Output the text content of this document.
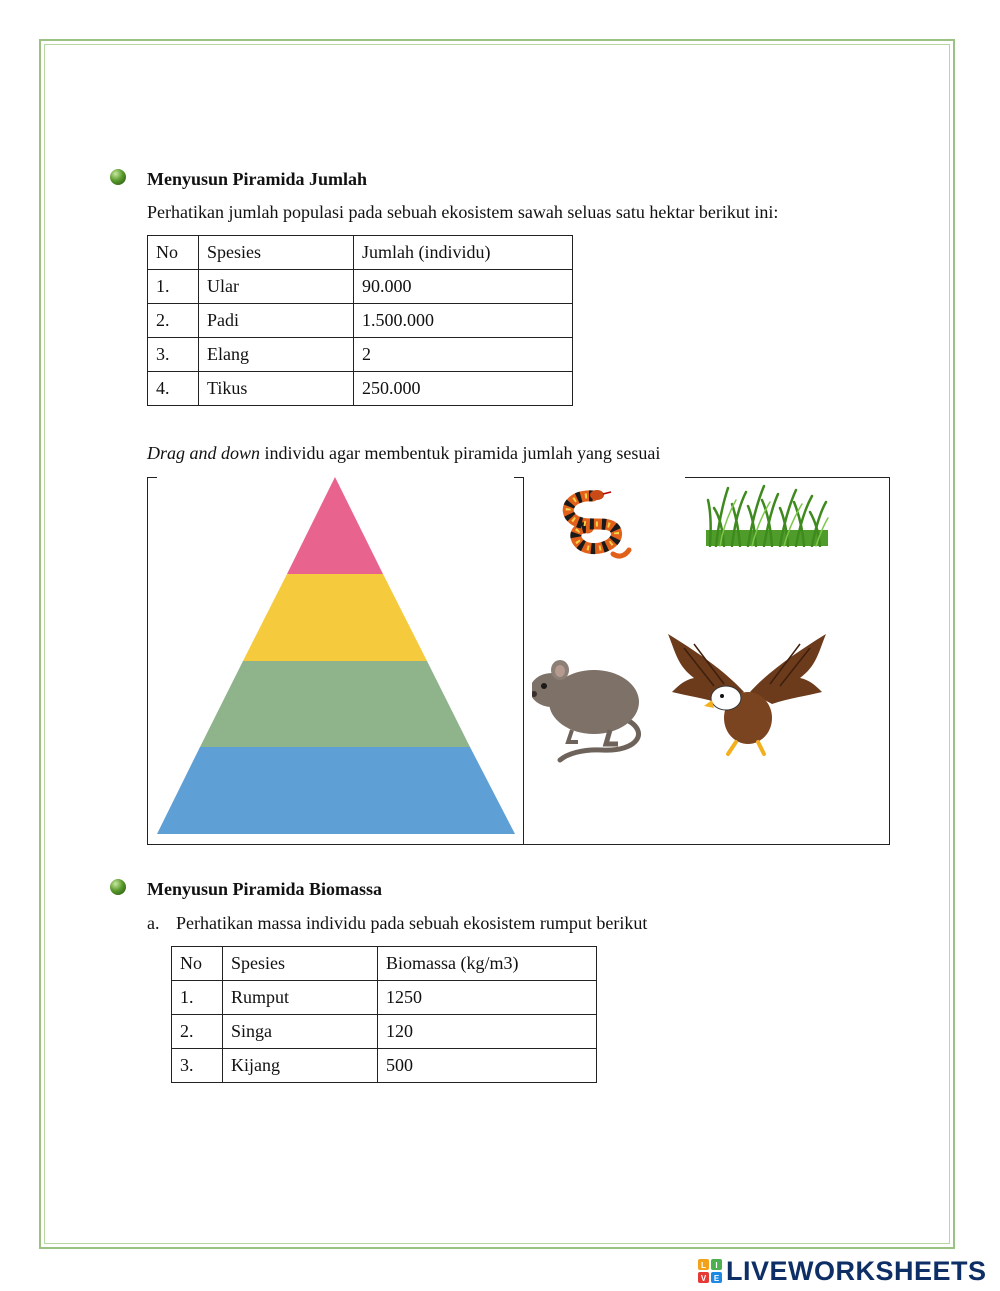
Menyusun Piramida Jumlah
Perhatikan jumlah populasi pada sebuah ekosistem sawah seluas satu hektar berikut ini:
No	Spesies	Jumlah (individu)
1.	Ular	90.000
2.	Padi	1.500.000
3.	Elang	2
4.	Tikus	250.000
Drag and down individu agar membentuk piramida jumlah yang sesuai
Menyusun Piramida Biomassa
a. Perhatikan massa individu pada sebuah ekosistem rumput berikut
No	Spesies	Biomassa (kg/m3)
1.	Rumput	1250
2.	Singa	120
3.	Kijang	500
L I
V E LIVEWORKSHEETS
